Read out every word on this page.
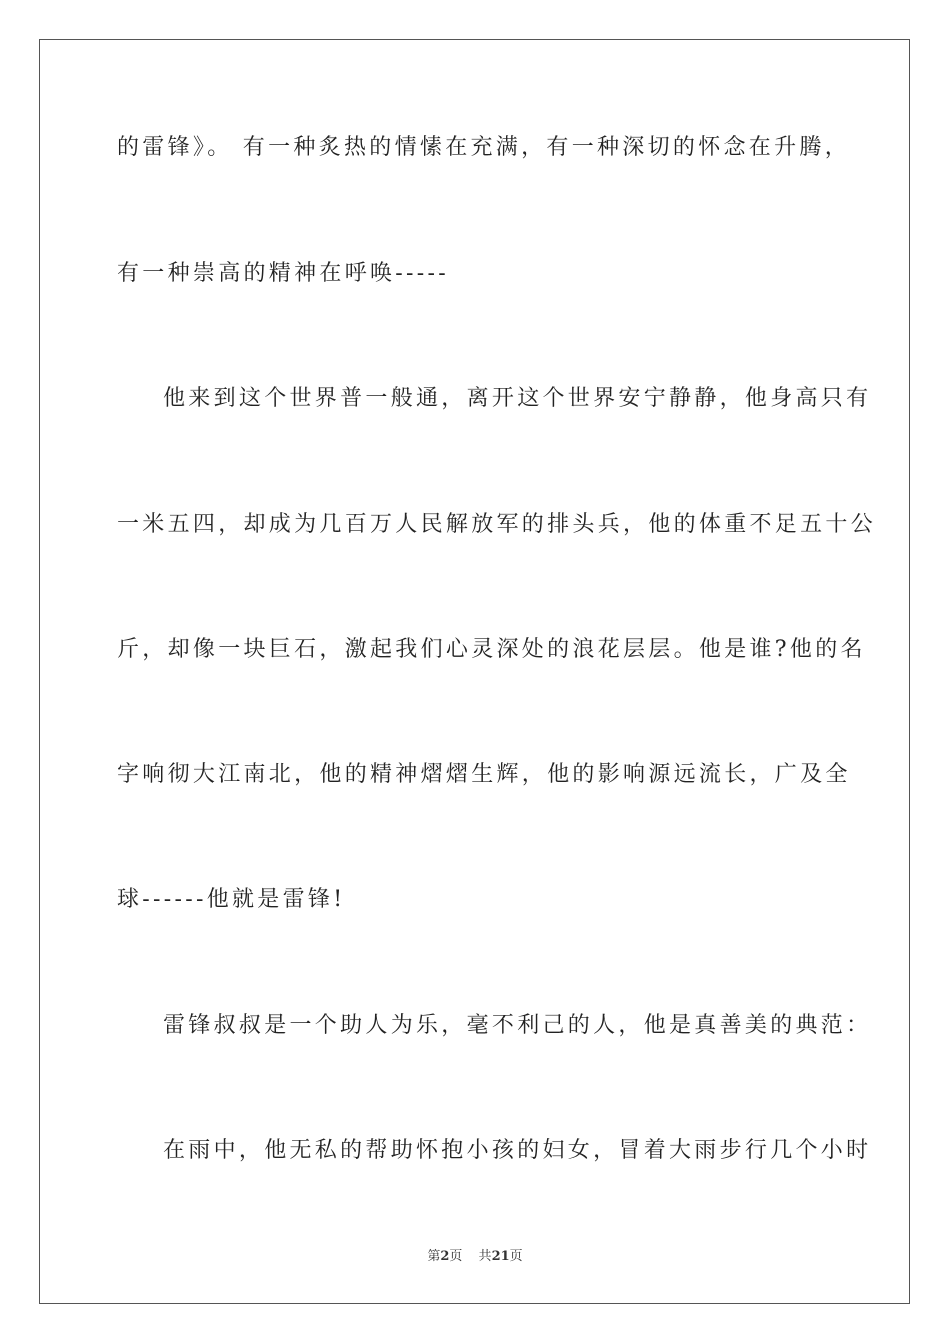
的雷锋》。 有一种炙热的情愫在充满，有一种深切的怀念在升腾，
有一种崇高的精神在呼唤-----
他来到这个世界普一般通，离开这个世界安宁静静，他身高只有
一米五四，却成为几百万人民解放军的排头兵，他的体重不足五十公
斤，却像一块巨石，激起我们心灵深处的浪花层层。他是谁?他的名
字响彻大江南北，他的精神熠熠生辉，他的影响源远流长，广及全
球------他就是雷锋!
雷锋叔叔是一个助人为乐，毫不利己的人，他是真善美的典范：
在雨中，他无私的帮助怀抱小孩的妇女，冒着大雨步行几个小时
第2页 共21页
